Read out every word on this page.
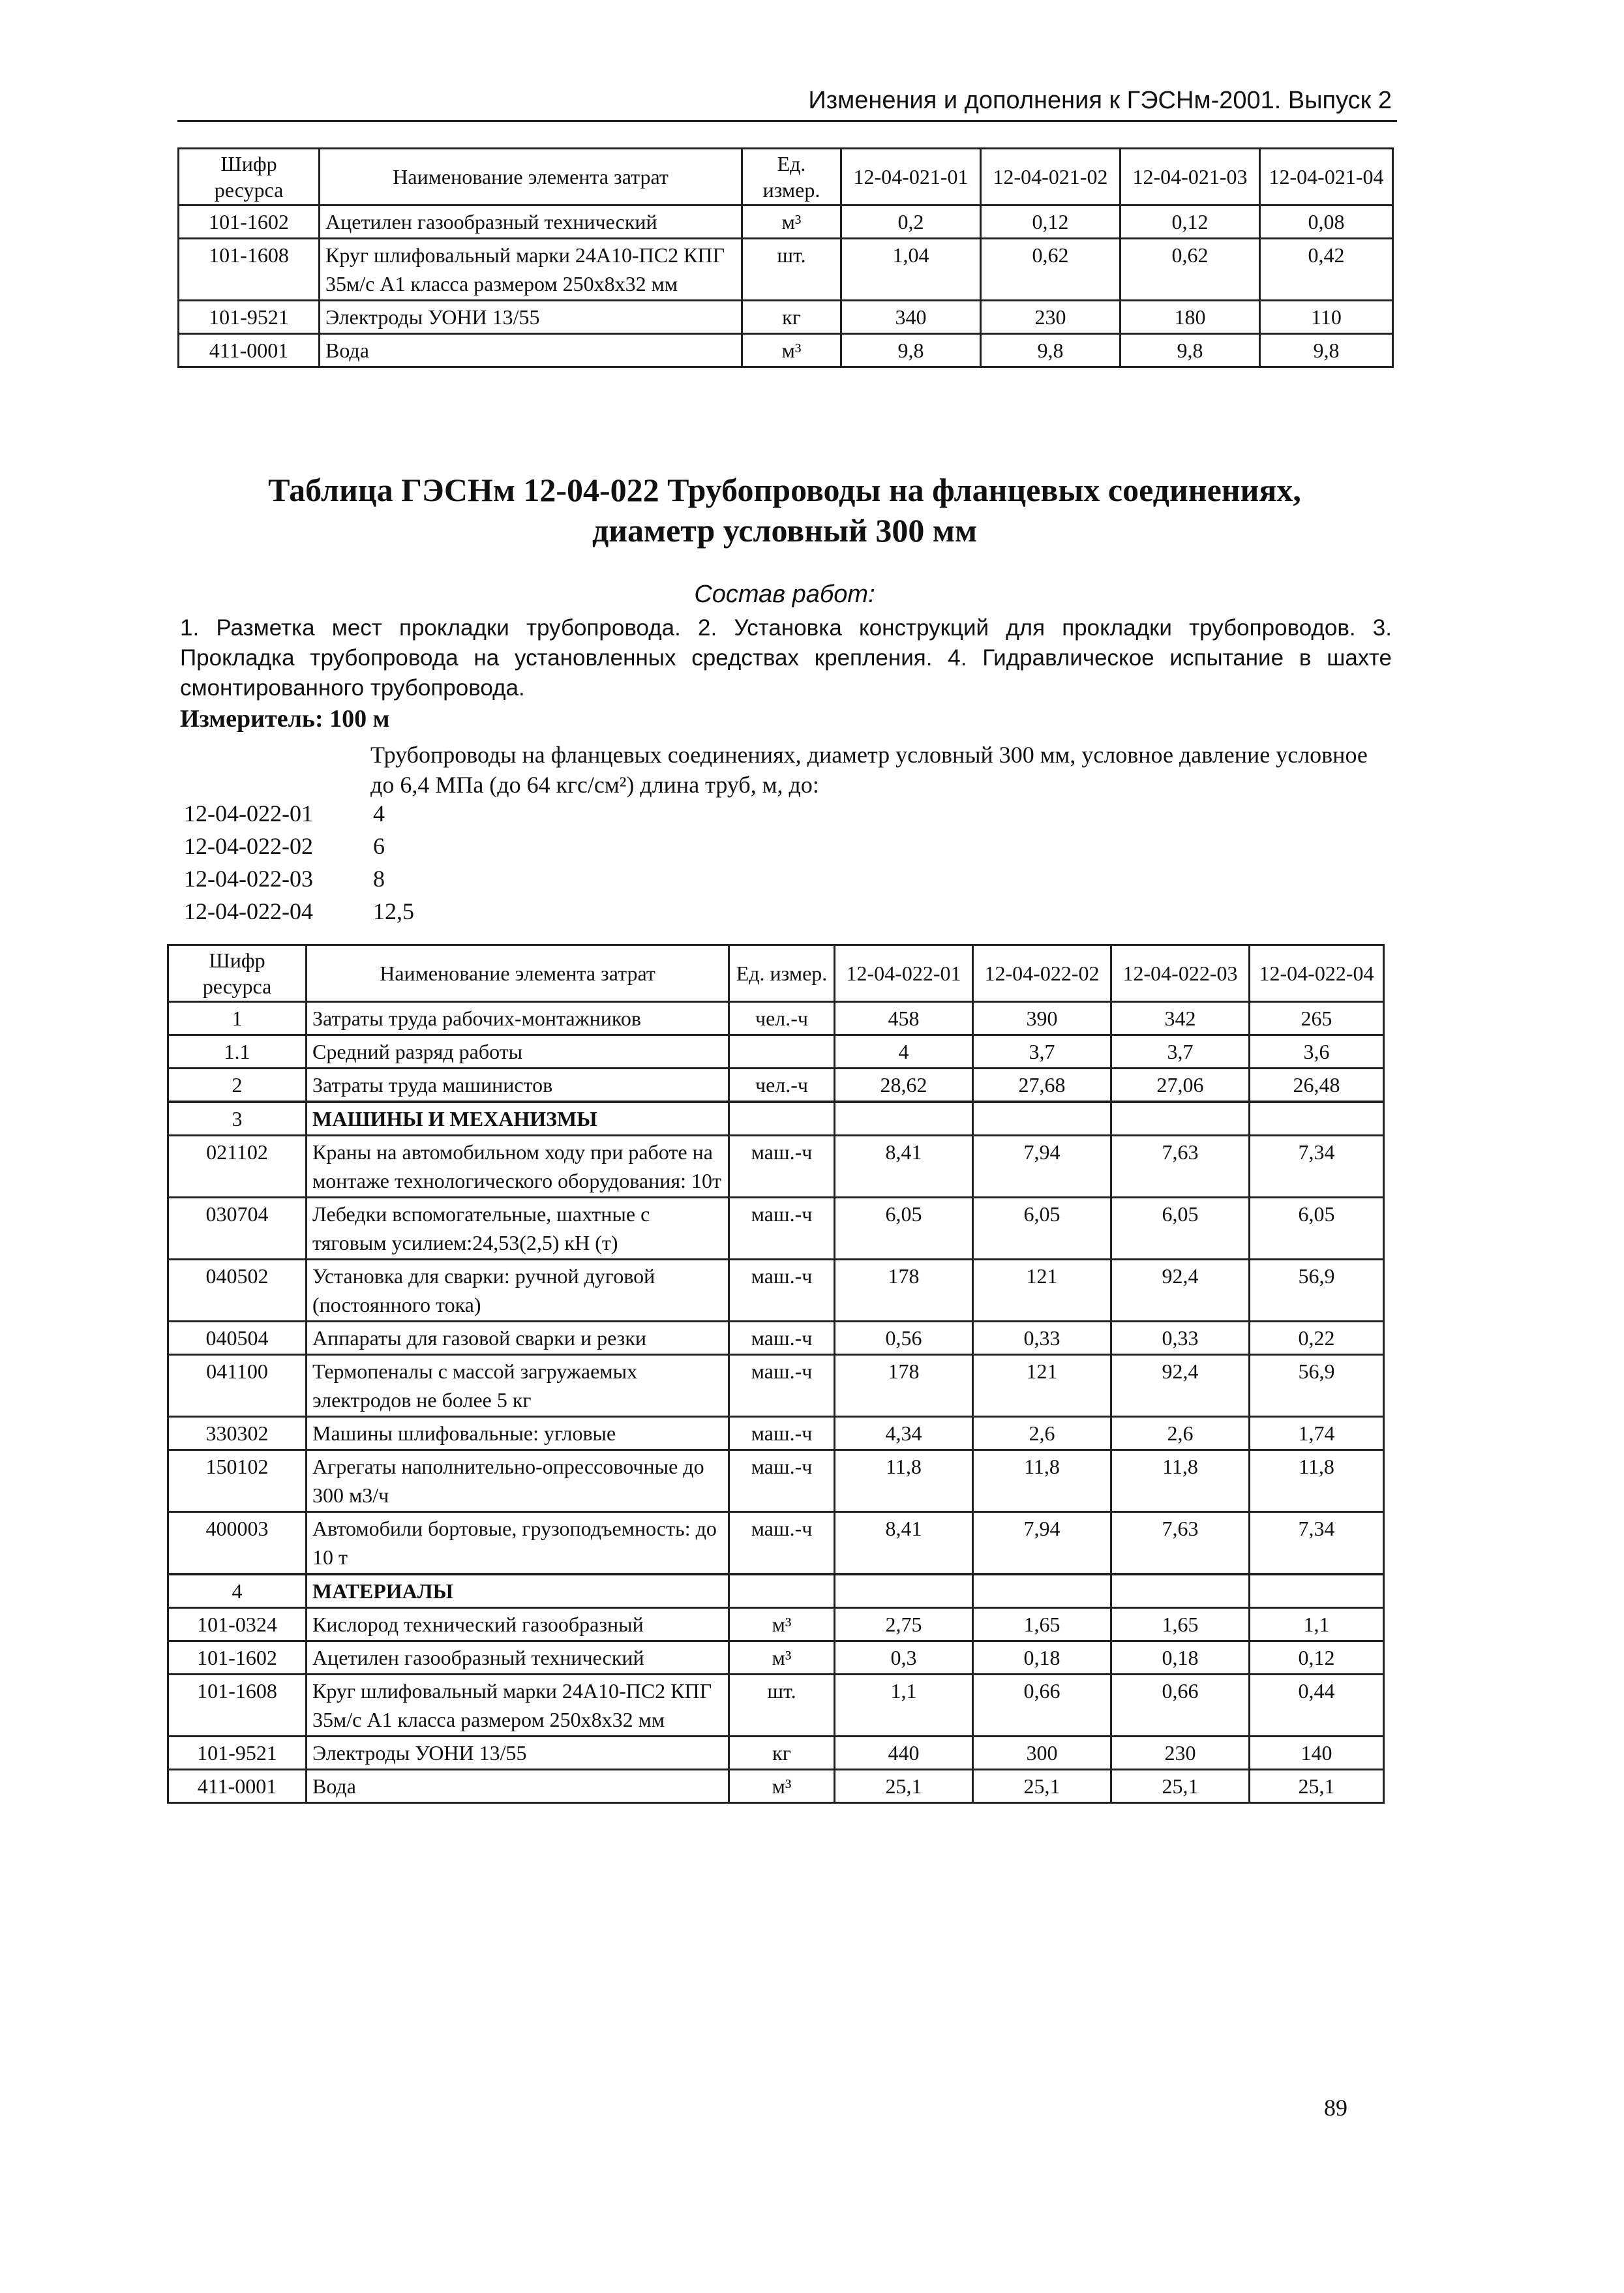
Изменения и дополнения к ГЭСНм-2001. Выпуск 2
Шифр ресурса	Наименование элемента затрат	Ед. измер.	12-04-021-01	12-04-021-02	12-04-021-03	12-04-021-04
101-1602	Ацетилен газообразный технический	м³	0,2	0,12	0,12	0,08
101-1608	Круг шлифовальный марки 24А10-ПС2 КПГ 35м/с А1 класса размером 250x8x32 мм	шт.	1,04	0,62	0,62	0,42
101-9521	Электроды УОНИ 13/55	кг	340	230	180	110
411-0001	Вода	м³	9,8	9,8	9,8	9,8
Таблица ГЭСНм 12-04-022 Трубопроводы на фланцевых соединениях,
диаметр условный 300 мм
Состав работ:
1. Разметка мест прокладки трубопровода. 2. Установка конструкций для прокладки трубопроводов. 3. Прокладка трубопровода на установленных средствах крепления. 4. Гидравлическое испытание в шахте смонтированного трубопровода.
Измеритель: 100 м
Трубопроводы на фланцевых соединениях, диаметр условный 300 мм, условное давление условное до 6,4 МПа (до 64 кгс/см²) длина труб, м, до:
12-04-022-01	4
12-04-022-02	6
12-04-022-03	8
12-04-022-04	12,5
Шифр ресурса	Наименование элемента затрат	Ед. измер.	12-04-022-01	12-04-022-02	12-04-022-03	12-04-022-04
1	Затраты труда рабочих-монтажников	чел.-ч	458	390	342	265
1.1	Средний разряд работы		4	3,7	3,7	3,6
2	Затраты труда машинистов	чел.-ч	28,62	27,68	27,06	26,48
3	МАШИНЫ И МЕХАНИЗМЫ					
021102	Краны на автомобильном ходу при работе на монтаже технологического оборудования: 10т	маш.-ч	8,41	7,94	7,63	7,34
030704	Лебедки вспомогательные, шахтные с тяговым усилием:24,53(2,5) кН (т)	маш.-ч	6,05	6,05	6,05	6,05
040502	Установка для сварки: ручной дуговой (постоянного тока)	маш.-ч	178	121	92,4	56,9
040504	Аппараты для газовой сварки и резки	маш.-ч	0,56	0,33	0,33	0,22
041100	Термопеналы с массой загружаемых электродов не более 5 кг	маш.-ч	178	121	92,4	56,9
330302	Машины шлифовальные: угловые	маш.-ч	4,34	2,6	2,6	1,74
150102	Агрегаты наполнительно-опрессовочные до 300 м3/ч	маш.-ч	11,8	11,8	11,8	11,8
400003	Автомобили бортовые, грузоподъемность: до 10 т	маш.-ч	8,41	7,94	7,63	7,34
4	МАТЕРИАЛЫ					
101-0324	Кислород технический газообразный	м³	2,75	1,65	1,65	1,1
101-1602	Ацетилен газообразный технический	м³	0,3	0,18	0,18	0,12
101-1608	Круг шлифовальный марки 24А10-ПС2 КПГ 35м/с А1 класса размером 250x8x32 мм	шт.	1,1	0,66	0,66	0,44
101-9521	Электроды УОНИ 13/55	кг	440	300	230	140
411-0001	Вода	м³	25,1	25,1	25,1	25,1
89
